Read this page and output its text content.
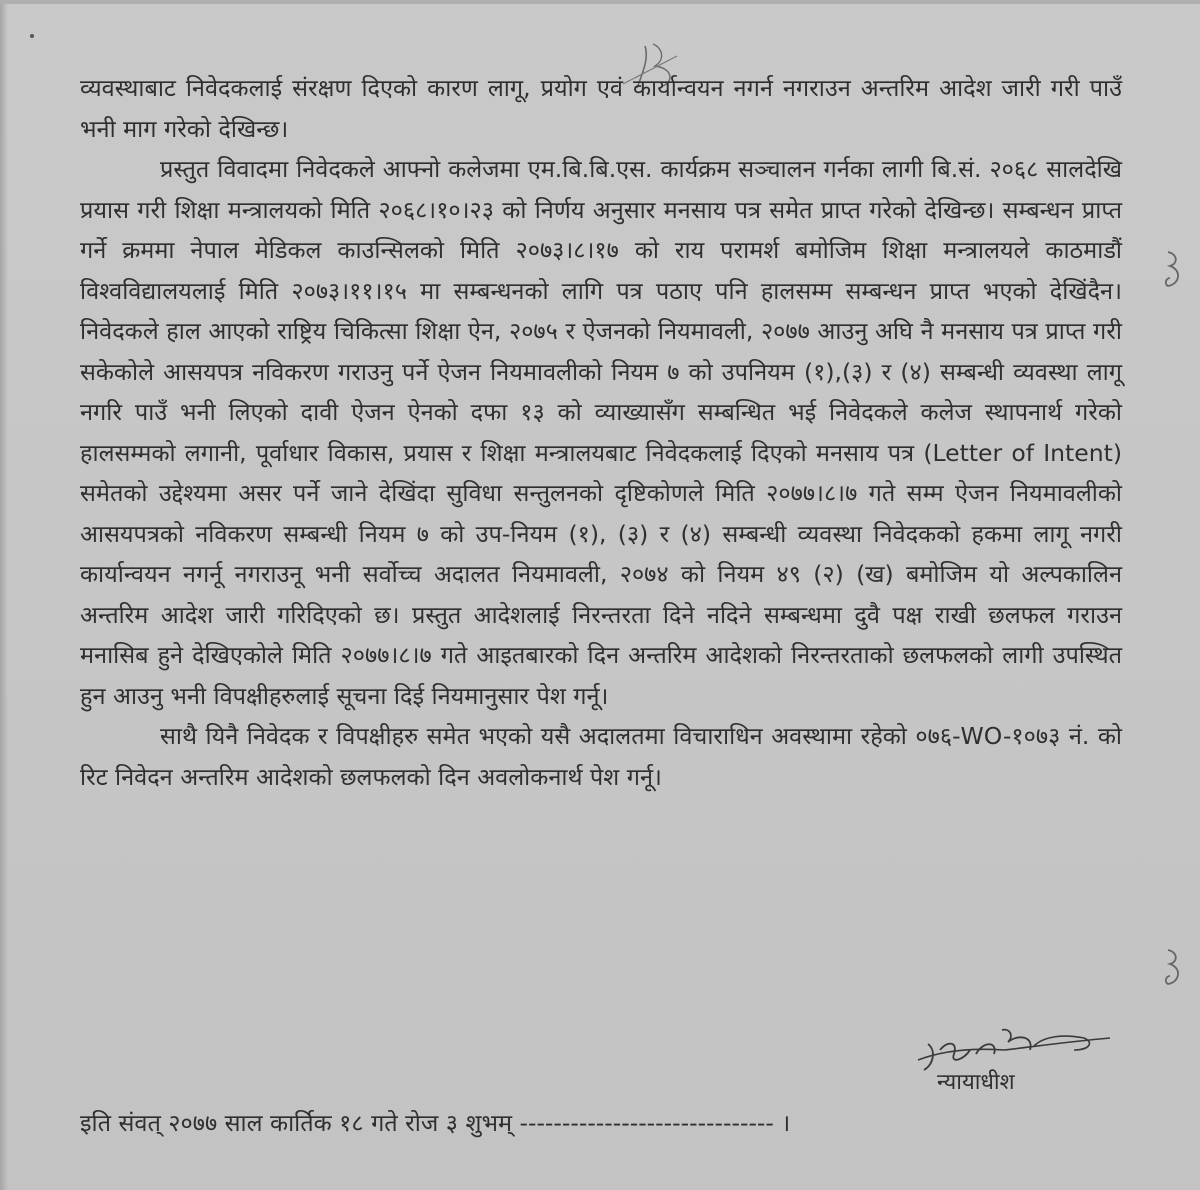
व्यवस्थाबाट निवेदकलाई संरक्षण दिएको कारण लागू, प्रयोग एवं कार्यान्वयन नगर्न नगराउन अन्तरिम आदेश जारी गरी पाउँ भनी माग गरेको देखिन्छ।

प्रस्तुत विवादमा निवेदकले आफ्नो कलेजमा एम.बि.बि.एस. कार्यक्रम सञ्चालन गर्नका लागी बि.सं. २०६८ सालदेखि प्रयास गरी शिक्षा मन्त्रालयको मिति २०६८।१०।२३ को निर्णय अनुसार मनसाय पत्र समेत प्राप्त गरेको देखिन्छ। सम्बन्धन प्राप्त गर्ने क्रममा नेपाल मेडिकल काउन्सिलको मिति २०७३।८।१७ को राय परामर्श बमोजिम शिक्षा मन्त्रालयले काठमाडौं विश्वविद्यालयलाई मिति २०७३।११।१५ मा सम्बन्धनको लागि पत्र पठाए पनि हालसम्म सम्बन्धन प्राप्त भएको देखिंदैन। निवेदकले हाल आएको राष्ट्रिय चिकित्सा शिक्षा ऐन, २०७५ र ऐजनको नियमावली, २०७७ आउनु अघि नै मनसाय पत्र प्राप्त गरी सकेकोले आसयपत्र नविकरण गराउनु पर्ने ऐजन नियमावलीको नियम ७ को उपनियम (१),(३) र (४) सम्बन्धी व्यवस्था लागू नगरि पाउँ भनी लिएको दावी ऐजन ऐनको दफा १३ को व्याख्यासँग सम्बन्धित भई निवेदकले कलेज स्थापनार्थ गरेको हालसम्मको लगानी, पूर्वाधार विकास, प्रयास र शिक्षा मन्त्रालयबाट निवेदकलाई दिएको मनसाय पत्र (Letter of Intent) समेतको उद्देश्यमा असर पर्ने जाने देखिंदा सुविधा सन्तुलनको दृष्टिकोणले मिति २०७७।८।७ गते सम्म ऐजन नियमावलीको आसयपत्रको नविकरण सम्बन्धी नियम ७ को उप-नियम (१), (३) र (४) सम्बन्धी व्यवस्था निवेदकको हकमा लागू नगरी कार्यान्वयन नगर्नू नगराउनू भनी सर्वोच्च अदालत नियमावली, २०७४ को नियम ४९ (२) (ख) बमोजिम यो अल्पकालिन अन्तरिम आदेश जारी गरिदिएको छ। प्रस्तुत आदेशलाई निरन्तरता दिने नदिने सम्बन्धमा दुवै पक्ष राखी छलफल गराउन मनासिब हुने देखिएकोले मिति २०७७।८।७ गते आइतबारको दिन अन्तरिम आदेशको निरन्तरताको छलफलको लागी उपस्थित हुन आउनु भनी विपक्षीहरुलाई सूचना दिई नियमानुसार पेश गर्नू।

साथै यिनै निवेदक र विपक्षीहरु समेत भएको यसै अदालतमा विचाराधिन अवस्थामा रहेको ०७६-WO-१०७३ नं. को रिट निवेदन अन्तरिम आदेशको छलफलको दिन अवलोकनार्थ पेश गर्नू।

न्यायाधीश
इति संवत् २०७७ साल कार्तिक १८ गते रोज ३ शुभम् ------------------------------ ।
